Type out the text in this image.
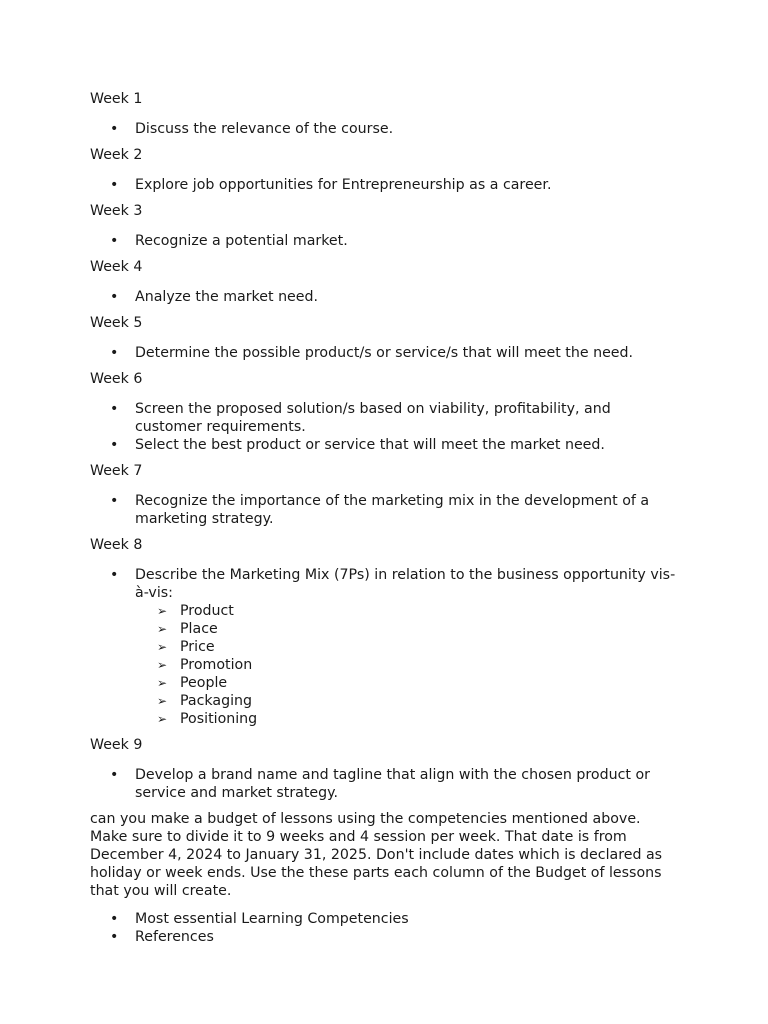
Week 1
• Discuss the relevance of the course.
Week 2
• Explore job opportunities for Entrepreneurship as a career.
Week 3
• Recognize a potential market.
Week 4
• Analyze the market need.
Week 5
• Determine the possible product/s or service/s that will meet the need.
Week 6
• Screen the proposed solution/s based on viability, profitability, and customer requirements.
• Select the best product or service that will meet the market need.
Week 7
• Recognize the importance of the marketing mix in the development of a marketing strategy.
Week 8
• Describe the Marketing Mix (7Ps) in relation to the business opportunity vis-à-vis:
➢ Product
➢ Place
➢ Price
➢ Promotion
➢ People
➢ Packaging
➢ Positioning
Week 9
• Develop a brand name and tagline that align with the chosen product or service and market strategy.
can you make a budget of lessons using the competencies mentioned above. Make sure to divide it to 9 weeks and 4 session per week. That date is from December 4, 2024 to January 31, 2025. Don't include dates which is declared as holiday or week ends. Use the these parts each column of the Budget of lessons that you will create.
• Most essential Learning Competencies
• References
